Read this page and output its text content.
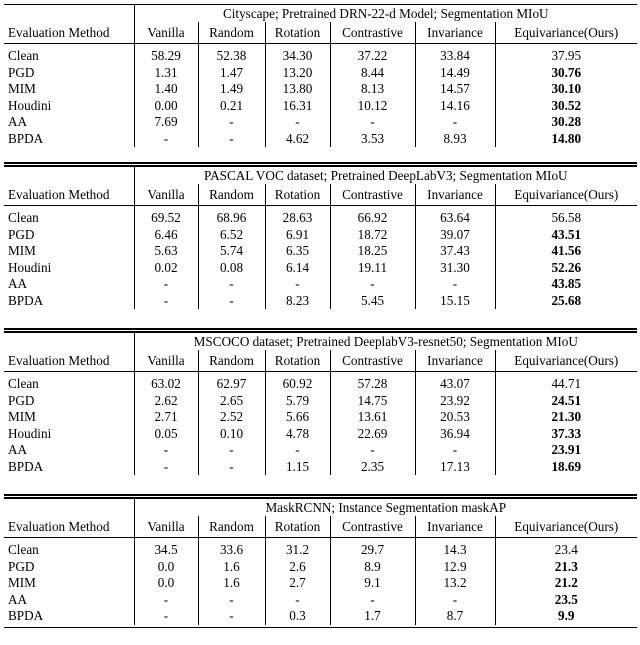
	Cityscape; Pretrained DRN-22-d Model; Segmentation MIoU					
Evaluation Method	Vanilla	Random	Rotation	Contrastive	Invariance	Equivariance(Ours)
Clean	58.29	52.38	34.30	37.22	33.84	37.95
PGD	1.31	1.47	13.20	8.44	14.49	30.76
MIM	1.40	1.49	13.80	8.13	14.57	30.10
Houdini	0.00	0.21	16.31	10.12	14.16	30.52
AA	7.69	-	-	-	-	30.28
BPDA	-	-	4.62	3.53	8.93	14.80
	PASCAL VOC dataset; Pretrained DeepLabV3; Segmentation MIoU					
Evaluation Method	Vanilla	Random	Rotation	Contrastive	Invariance	Equivariance(Ours)
Clean	69.52	68.96	28.63	66.92	63.64	56.58
PGD	6.46	6.52	6.91	18.72	39.07	43.51
MIM	5.63	5.74	6.35	18.25	37.43	41.56
Houdini	0.02	0.08	6.14	19.11	31.30	52.26
AA	-	-	-	-	-	43.85
BPDA	-	-	8.23	5.45	15.15	25.68
	MSCOCO dataset; Pretrained DeeplabV3-resnet50; Segmentation MIoU					
Evaluation Method	Vanilla	Random	Rotation	Contrastive	Invariance	Equivariance(Ours)
Clean	63.02	62.97	60.92	57.28	43.07	44.71
PGD	2.62	2.65	5.79	14.75	23.92	24.51
MIM	2.71	2.52	5.66	13.61	20.53	21.30
Houdini	0.05	0.10	4.78	22.69	36.94	37.33
AA	-	-	-	-	-	23.91
BPDA	-	-	1.15	2.35	17.13	18.69
	MaskRCNN; Instance Segmentation maskAP					
Evaluation Method	Vanilla	Random	Rotation	Contrastive	Invariance	Equivariance(Ours)
Clean	34.5	33.6	31.2	29.7	14.3	23.4
PGD	0.0	1.6	2.6	8.9	12.9	21.3
MIM	0.0	1.6	2.7	9.1	13.2	21.2
AA	-	-	-	-	-	23.5
BPDA	-	-	0.3	1.7	8.7	9.9
